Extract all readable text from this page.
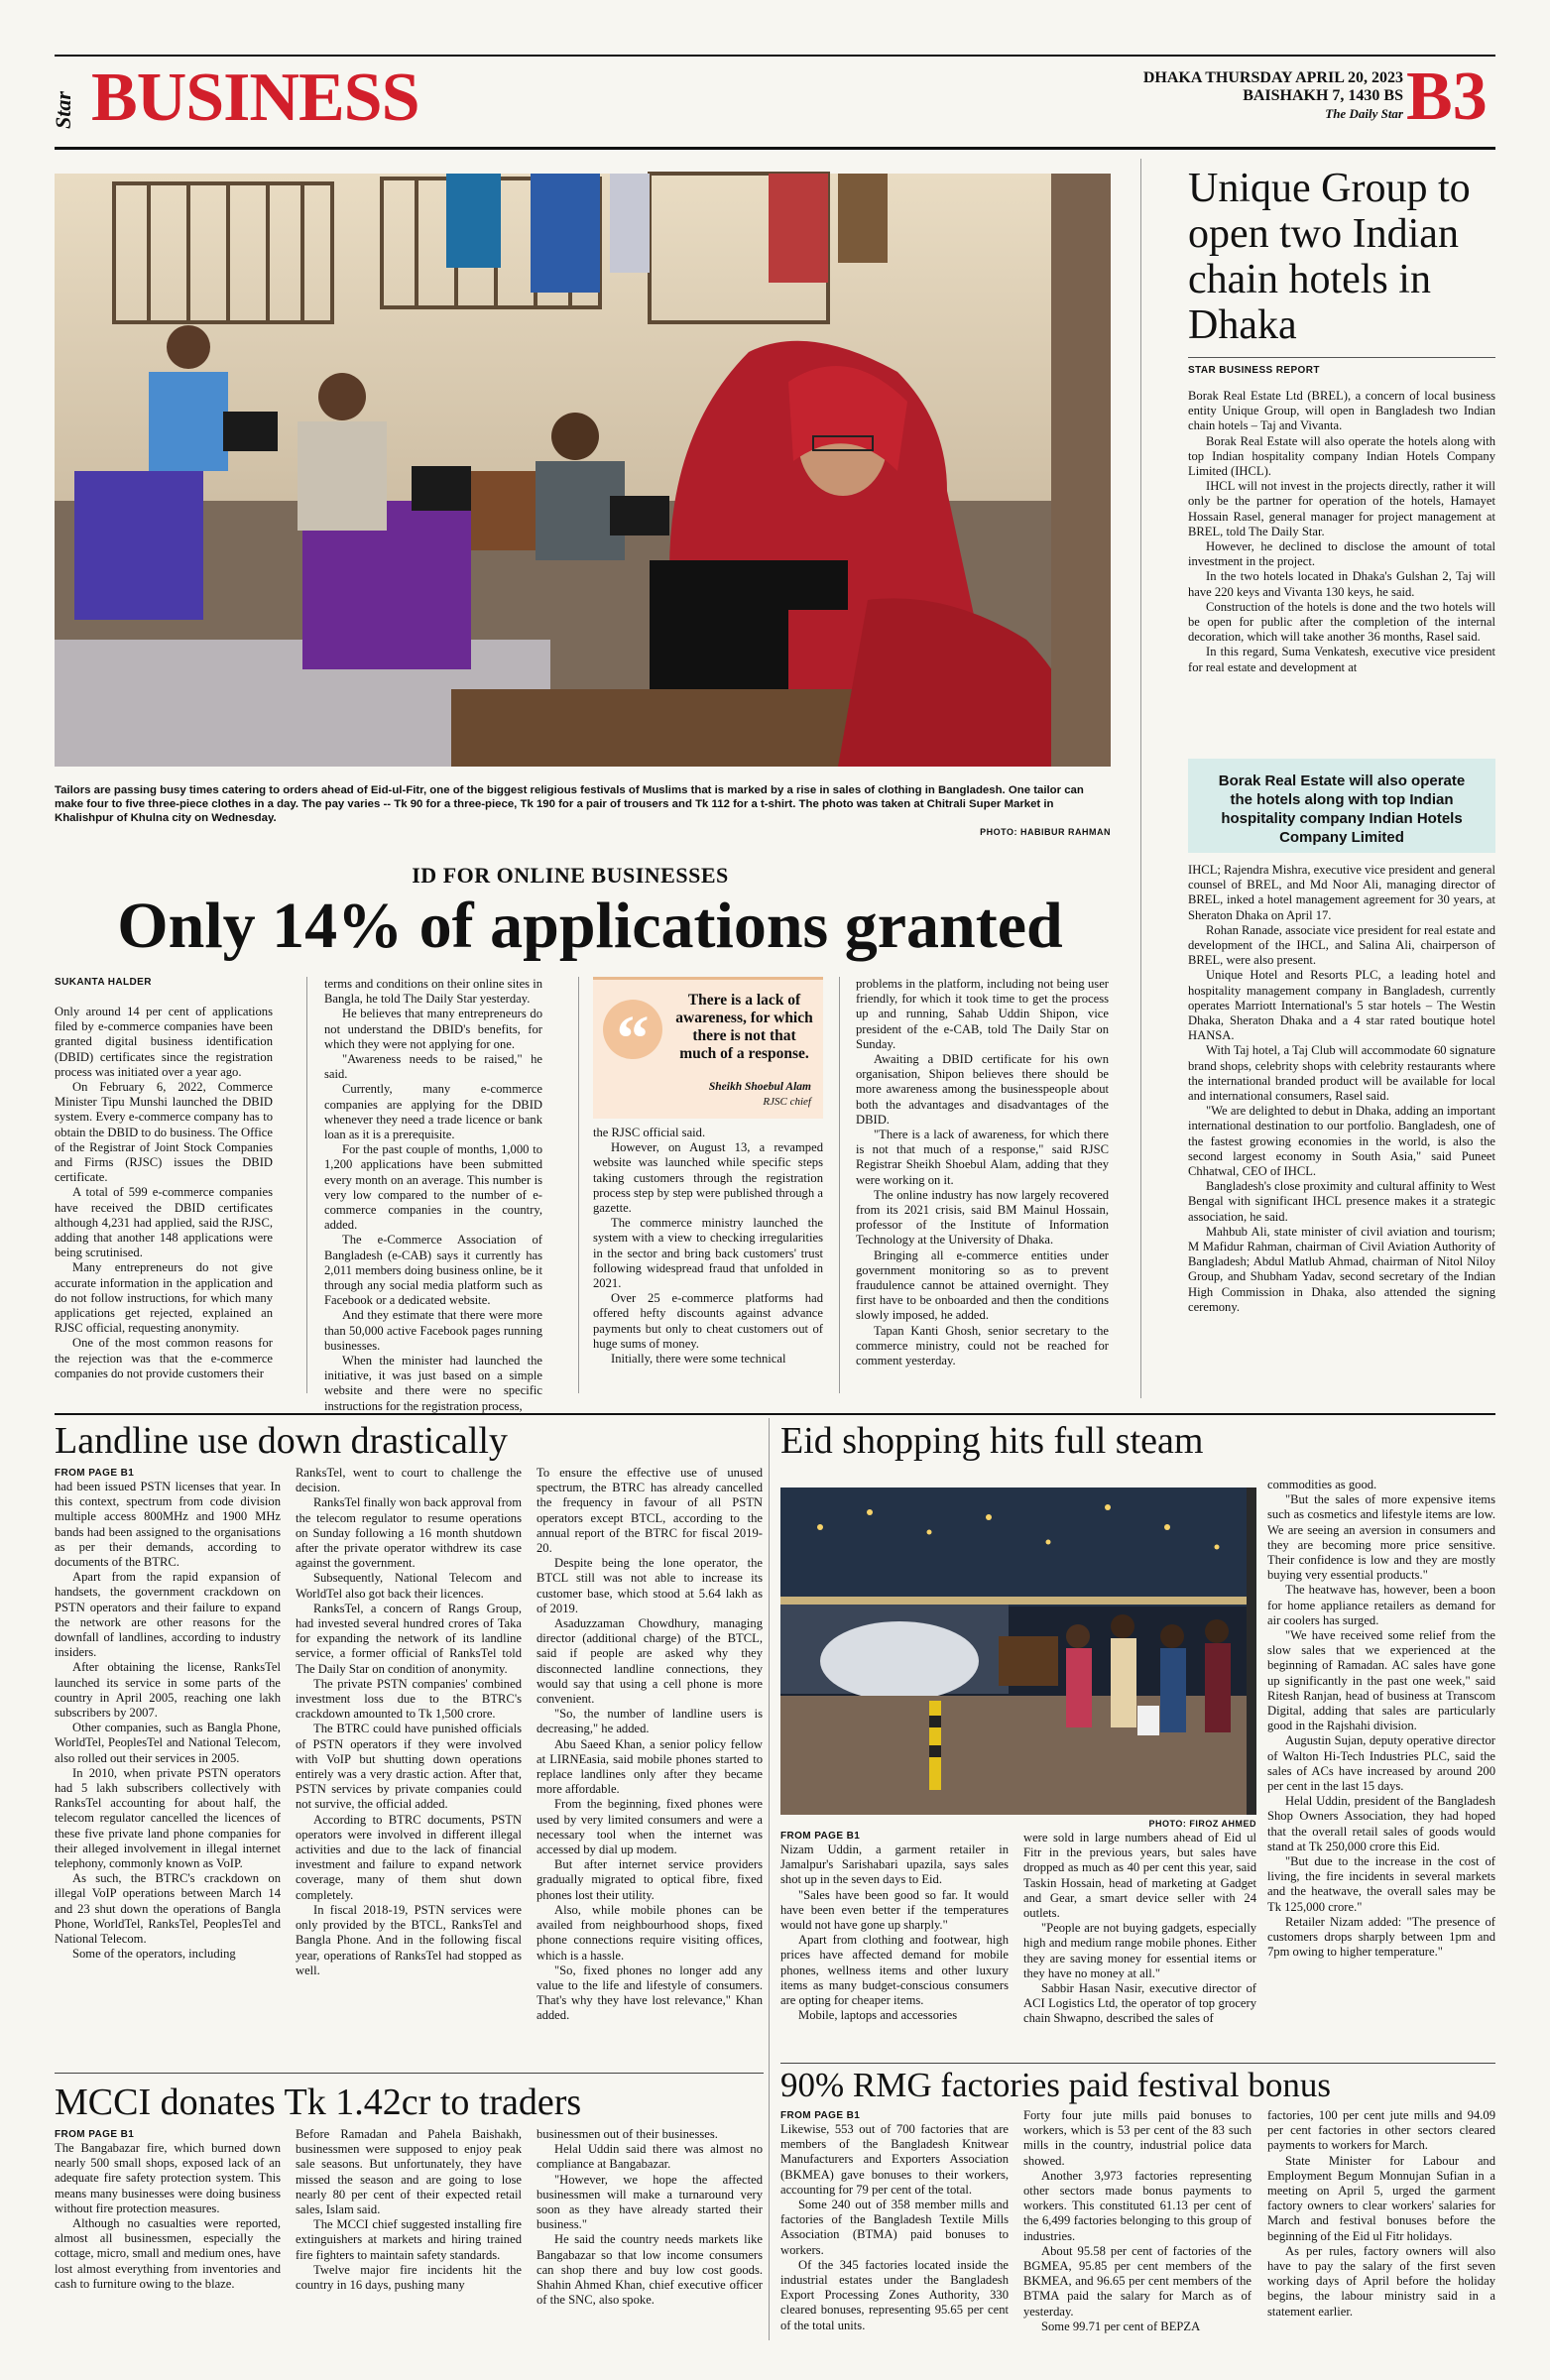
Star BUSINESS	DHAKA THURSDAY APRIL 20, 2023
BAISHAKH 7, 1430 BS
The Daily Star B3
Tailors are passing busy times catering to orders ahead of Eid-ul-Fitr, one of the biggest religious festivals of Muslims that is marked by a rise in sales of clothing in Bangladesh. One tailor can make four to five three-piece clothes in a day. The pay varies -- Tk 90 for a three-piece, Tk 190 for a pair of trousers and Tk 112 for a t-shirt. The photo was taken at Chitrali Super Market in Khalishpur of Khulna city on Wednesday.
PHOTO: HABIBUR RAHMAN
Unique Group to open two Indian chain hotels in Dhaka
STAR BUSINESS REPORT

Borak Real Estate Ltd (BREL), a concern of local business entity Unique Group, will open in Bangladesh two Indian chain hotels – Taj and Vivanta.

Borak Real Estate will also operate the hotels along with top Indian hospitality company Indian Hotels Company Limited (IHCL).

IHCL will not invest in the projects directly, rather it will only be the partner for operation of the hotels, Hamayet Hossain Rasel, general manager for project management at BREL, told The Daily Star.

However, he declined to disclose the amount of total investment in the project.

In the two hotels located in Dhaka's Gulshan 2, Taj will have 220 keys and Vivanta 130 keys, he said.

Construction of the hotels is done and the two hotels will be open for public after the completion of the internal decoration, which will take another 36 months, Rasel said.

In this regard, Suma Venkatesh, executive vice president for real estate and development at

Borak Real Estate will also operate the hotels along with top Indian hospitality company Indian Hotels Company Limited

IHCL; Rajendra Mishra, executive vice president and general counsel of BREL, and Md Noor Ali, managing director of BREL, inked a hotel management agreement for 30 years, at Sheraton Dhaka on April 17.

Rohan Ranade, associate vice president for real estate and development of the IHCL, and Salina Ali, chairperson of BREL, were also present.

Unique Hotel and Resorts PLC, a leading hotel and hospitality management company in Bangladesh, currently operates Marriott International's 5 star hotels – The Westin Dhaka, Sheraton Dhaka and a 4 star rated boutique hotel HANSA.

With Taj hotel, a Taj Club will accommodate 60 signature brand shops, celebrity shops with celebrity restaurants where the international branded product will be available for local and international consumers, Rasel said.

"We are delighted to debut in Dhaka, adding an important international destination to our portfolio. Bangladesh, one of the fastest growing economies in the world, is also the second largest economy in South Asia," said Puneet Chhatwal, CEO of IHCL.

Bangladesh's close proximity and cultural affinity to West Bengal with significant IHCL presence makes it a strategic association, he said.

Mahbub Ali, state minister of civil aviation and tourism; M Mafidur Rahman, chairman of Civil Aviation Authority of Bangladesh; Abdul Matlub Ahmad, chairman of Nitol Niloy Group, and Shubham Yadav, second secretary of the Indian High Commission in Dhaka, also attended the signing ceremony.

ID FOR ONLINE BUSINESSES
Only 14% of applications granted
SUKANTA HALDER

Only around 14 per cent of applications filed by e-commerce companies have been granted digital business identification (DBID) certificates since the registration process was initiated over a year ago.

On February 6, 2022, Commerce Minister Tipu Munshi launched the DBID system. Every e-commerce company has to obtain the DBID to do business. The Office of the Registrar of Joint Stock Companies and Firms (RJSC) issues the DBID certificate.

A total of 599 e-commerce companies have received the DBID certificates although 4,231 had applied, said the RJSC, adding that another 148 applications were being scrutinised.

Many entrepreneurs do not give accurate information in the application and do not follow instructions, for which many applications get rejected, explained an RJSC official, requesting anonymity.

One of the most common reasons for the rejection was that the e-commerce companies do not provide customers their

terms and conditions on their online sites in Bangla, he told The Daily Star yesterday.

He believes that many entrepreneurs do not understand the DBID's benefits, for which they were not applying for one.

"Awareness needs to be raised," he said.

Currently, many e-commerce companies are applying for the DBID whenever they need a trade licence or bank loan as it is a prerequisite.

For the past couple of months, 1,000 to 1,200 applications have been submitted every month on an average. This number is very low compared to the number of e-commerce companies in the country, added.

The e-Commerce Association of Bangladesh (e-CAB) says it currently has 2,011 members doing business online, be it through any social media platform such as Facebook or a dedicated website.

And they estimate that there were more than 50,000 active Facebook pages running businesses.

When the minister had launched the initiative, it was just based on a simple website and there were no specific instructions for the registration process,

“
There is a lack of awareness, for which there is not that much of a response.
Sheikh Shoebul Alam
RJSC chief

the RJSC official said.

However, on August 13, a revamped website was launched while specific steps taking customers through the registration process step by step were published through a gazette.

The commerce ministry launched the system with a view to checking irregularities in the sector and bring back customers' trust following widespread fraud that unfolded in 2021.

Over 25 e-commerce platforms had offered hefty discounts against advance payments but only to cheat customers out of huge sums of money.

Initially, there were some technical

problems in the platform, including not being user friendly, for which it took time to get the process up and running, Sahab Uddin Shipon, vice president of the e-CAB, told The Daily Star on Sunday.

Awaiting a DBID certificate for his own organisation, Shipon believes there should be more awareness among the businesspeople about both the advantages and disadvantages of the DBID.

"There is a lack of awareness, for which there is not that much of a response," said RJSC Registrar Sheikh Shoebul Alam, adding that they were working on it.

The online industry has now largely recovered from its 2021 crisis, said BM Mainul Hossain, professor of the Institute of Information Technology at the University of Dhaka.

Bringing all e-commerce entities under government monitoring so as to prevent fraudulence cannot be attained overnight. They first have to be onboarded and then the conditions slowly imposed, he added.

Tapan Kanti Ghosh, senior secretary to the commerce ministry, could not be reached for comment yesterday.

Landline use down drastically
FROM PAGE B1

had been issued PSTN licenses that year. In this context, spectrum from code division multiple access 800MHz and 1900 MHz bands had been assigned to the organisations as per their demands, according to documents of the BTRC.

Apart from the rapid expansion of handsets, the government crackdown on PSTN operators and their failure to expand the network are other reasons for the downfall of landlines, according to industry insiders.

After obtaining the license, RanksTel launched its service in some parts of the country in April 2005, reaching one lakh subscribers by 2007.

Other companies, such as Bangla Phone, WorldTel, PeoplesTel and National Telecom, also rolled out their services in 2005.

In 2010, when private PSTN operators had 5 lakh subscribers collectively with RanksTel accounting for about half, the telecom regulator cancelled the licences of these five private land phone companies for their alleged involvement in illegal internet telephony, commonly known as VoIP.

As such, the BTRC's crackdown on illegal VoIP operations between March 14 and 23 shut down the operations of Bangla Phone, WorldTel, RanksTel, PeoplesTel and National Telecom.

Some of the operators, including

RanksTel, went to court to challenge the decision.

RanksTel finally won back approval from the telecom regulator to resume operations on Sunday following a 16 month shutdown after the private operator withdrew its case against the government.

Subsequently, National Telecom and WorldTel also got back their licences.

RanksTel, a concern of Rangs Group, had invested several hundred crores of Taka for expanding the network of its landline service, a former official of RanksTel told The Daily Star on condition of anonymity.

The private PSTN companies' combined investment loss due to the BTRC's crackdown amounted to Tk 1,500 crore.

The BTRC could have punished officials of PSTN operators if they were involved with VoIP but shutting down operations entirely was a very drastic action. After that, PSTN services by private companies could not survive, the official added.

According to BTRC documents, PSTN operators were involved in different illegal activities and due to the lack of financial investment and failure to expand network coverage, many of them shut down completely.

In fiscal 2018-19, PSTN services were only provided by the BTCL, RanksTel and Bangla Phone. And in the following fiscal year, operations of RanksTel had stopped as well.

To ensure the effective use of unused spectrum, the BTRC has already cancelled the frequency in favour of all PSTN operators except BTCL, according to the annual report of the BTRC for fiscal 2019-20.

Despite being the lone operator, the BTCL still was not able to increase its customer base, which stood at 5.64 lakh as of 2019.

Asaduzzaman Chowdhury, managing director (additional charge) of the BTCL, said if people are asked why they disconnected landline connections, they would say that using a cell phone is more convenient.

"So, the number of landline users is decreasing," he added.

Abu Saeed Khan, a senior policy fellow at LIRNEasia, said mobile phones started to replace landlines only after they became more affordable.

From the beginning, fixed phones were used by very limited consumers and were a necessary tool when the internet was accessed by dial up modem.

But after internet service providers gradually migrated to optical fibre, fixed phones lost their utility.

Also, while mobile phones can be availed from neighbourhood shops, fixed phone connections require visiting offices, which is a hassle.

"So, fixed phones no longer add any value to the life and lifestyle of consumers. That's why they have lost relevance," Khan added.

MCCI donates Tk 1.42cr to traders
FROM PAGE B1

The Bangabazar fire, which burned down nearly 500 small shops, exposed lack of an adequate fire safety protection system. This means many businesses were doing business without fire protection measures.

Although no casualties were reported, almost all businessmen, especially the cottage, micro, small and medium ones, have lost almost everything from inventories and cash to furniture owing to the blaze.

Before Ramadan and Pahela Baishakh, businessmen were supposed to enjoy peak sale seasons. But unfortunately, they have missed the season and are going to lose nearly 80 per cent of their expected retail sales, Islam said.

The MCCI chief suggested installing fire extinguishers at markets and hiring trained fire fighters to maintain safety standards.

Twelve major fire incidents hit the country in 16 days, pushing many

businessmen out of their businesses.

Helal Uddin said there was almost no compliance at Bangabazar.

"However, we hope the affected businessmen will make a turnaround very soon as they have already started their business."

He said the country needs markets like Bangabazar so that low income consumers can shop there and buy low cost goods. Shahin Ahmed Khan, chief executive officer of the SNC, also spoke.

Eid shopping hits full steam
PHOTO: FIROZ AHMED
FROM PAGE B1

Nizam Uddin, a garment retailer in Jamalpur's Sarishabari upazila, says sales shot up in the seven days to Eid.

"Sales have been good so far. It would have been even better if the temperatures would not have gone up sharply."

Apart from clothing and footwear, high prices have affected demand for mobile phones, wellness items and other luxury items as many budget-conscious consumers are opting for cheaper items.

Mobile, laptops and accessories

were sold in large numbers ahead of Eid ul Fitr in the previous years, but sales have dropped as much as 40 per cent this year, said Taskin Hossain, head of marketing at Gadget and Gear, a smart device seller with 24 outlets.

"People are not buying gadgets, especially high and medium range mobile phones. Either they are saving money for essential items or they have no money at all."

Sabbir Hasan Nasir, executive director of ACI Logistics Ltd, the operator of top grocery chain Shwapno, described the sales of

commodities as good.

"But the sales of more expensive items such as cosmetics and lifestyle items are low. We are seeing an aversion in consumers and they are becoming more price sensitive. Their confidence is low and they are mostly buying very essential products."

The heatwave has, however, been a boon for home appliance retailers as demand for air coolers has surged.

"We have received some relief from the slow sales that we experienced at the beginning of Ramadan. AC sales have gone up significantly in the past one week," said Ritesh Ranjan, head of business at Transcom Digital, adding that sales are particularly good in the Rajshahi division.

Augustin Sujan, deputy operative director of Walton Hi-Tech Industries PLC, said the sales of ACs have increased by around 200 per cent in the last 15 days.

Helal Uddin, president of the Bangladesh Shop Owners Association, they had hoped that the overall retail sales of goods would stand at Tk 250,000 crore this Eid.

"But due to the increase in the cost of living, the fire incidents in several markets and the heatwave, the overall sales may be Tk 125,000 crore."

Retailer Nizam added: "The presence of customers drops sharply between 1pm and 7pm owing to higher temperature."

90% RMG factories paid festival bonus
FROM PAGE B1

Likewise, 553 out of 700 factories that are members of the Bangladesh Knitwear Manufacturers and Exporters Association (BKMEA) gave bonuses to their workers, accounting for 79 per cent of the total.

Some 240 out of 358 member mills and factories of the Bangladesh Textile Mills Association (BTMA) paid bonuses to workers.

Of the 345 factories located inside the industrial estates under the Bangladesh Export Processing Zones Authority, 330 cleared bonuses, representing 95.65 per cent of the total units.

Forty four jute mills paid bonuses to workers, which is 53 per cent of the 83 such mills in the country, industrial police data showed.

Another 3,973 factories representing other sectors made bonus payments to workers. This constituted 61.13 per cent of the 6,499 factories belonging to this group of industries.

About 95.58 per cent of factories of the BGMEA, 95.85 per cent members of the BKMEA, and 96.65 per cent members of the BTMA paid the salary for March as of yesterday.

Some 99.71 per cent of BEPZA

factories, 100 per cent jute mills and 94.09 per cent factories in other sectors cleared payments to workers for March.

State Minister for Labour and Employment Begum Monnujan Sufian in a meeting on April 5, urged the garment factory owners to clear workers' salaries for March and festival bonuses before the beginning of the Eid ul Fitr holidays.

As per rules, factory owners will also have to pay the salary of the first seven working days of April before the holiday begins, the labour ministry said in a statement earlier.
